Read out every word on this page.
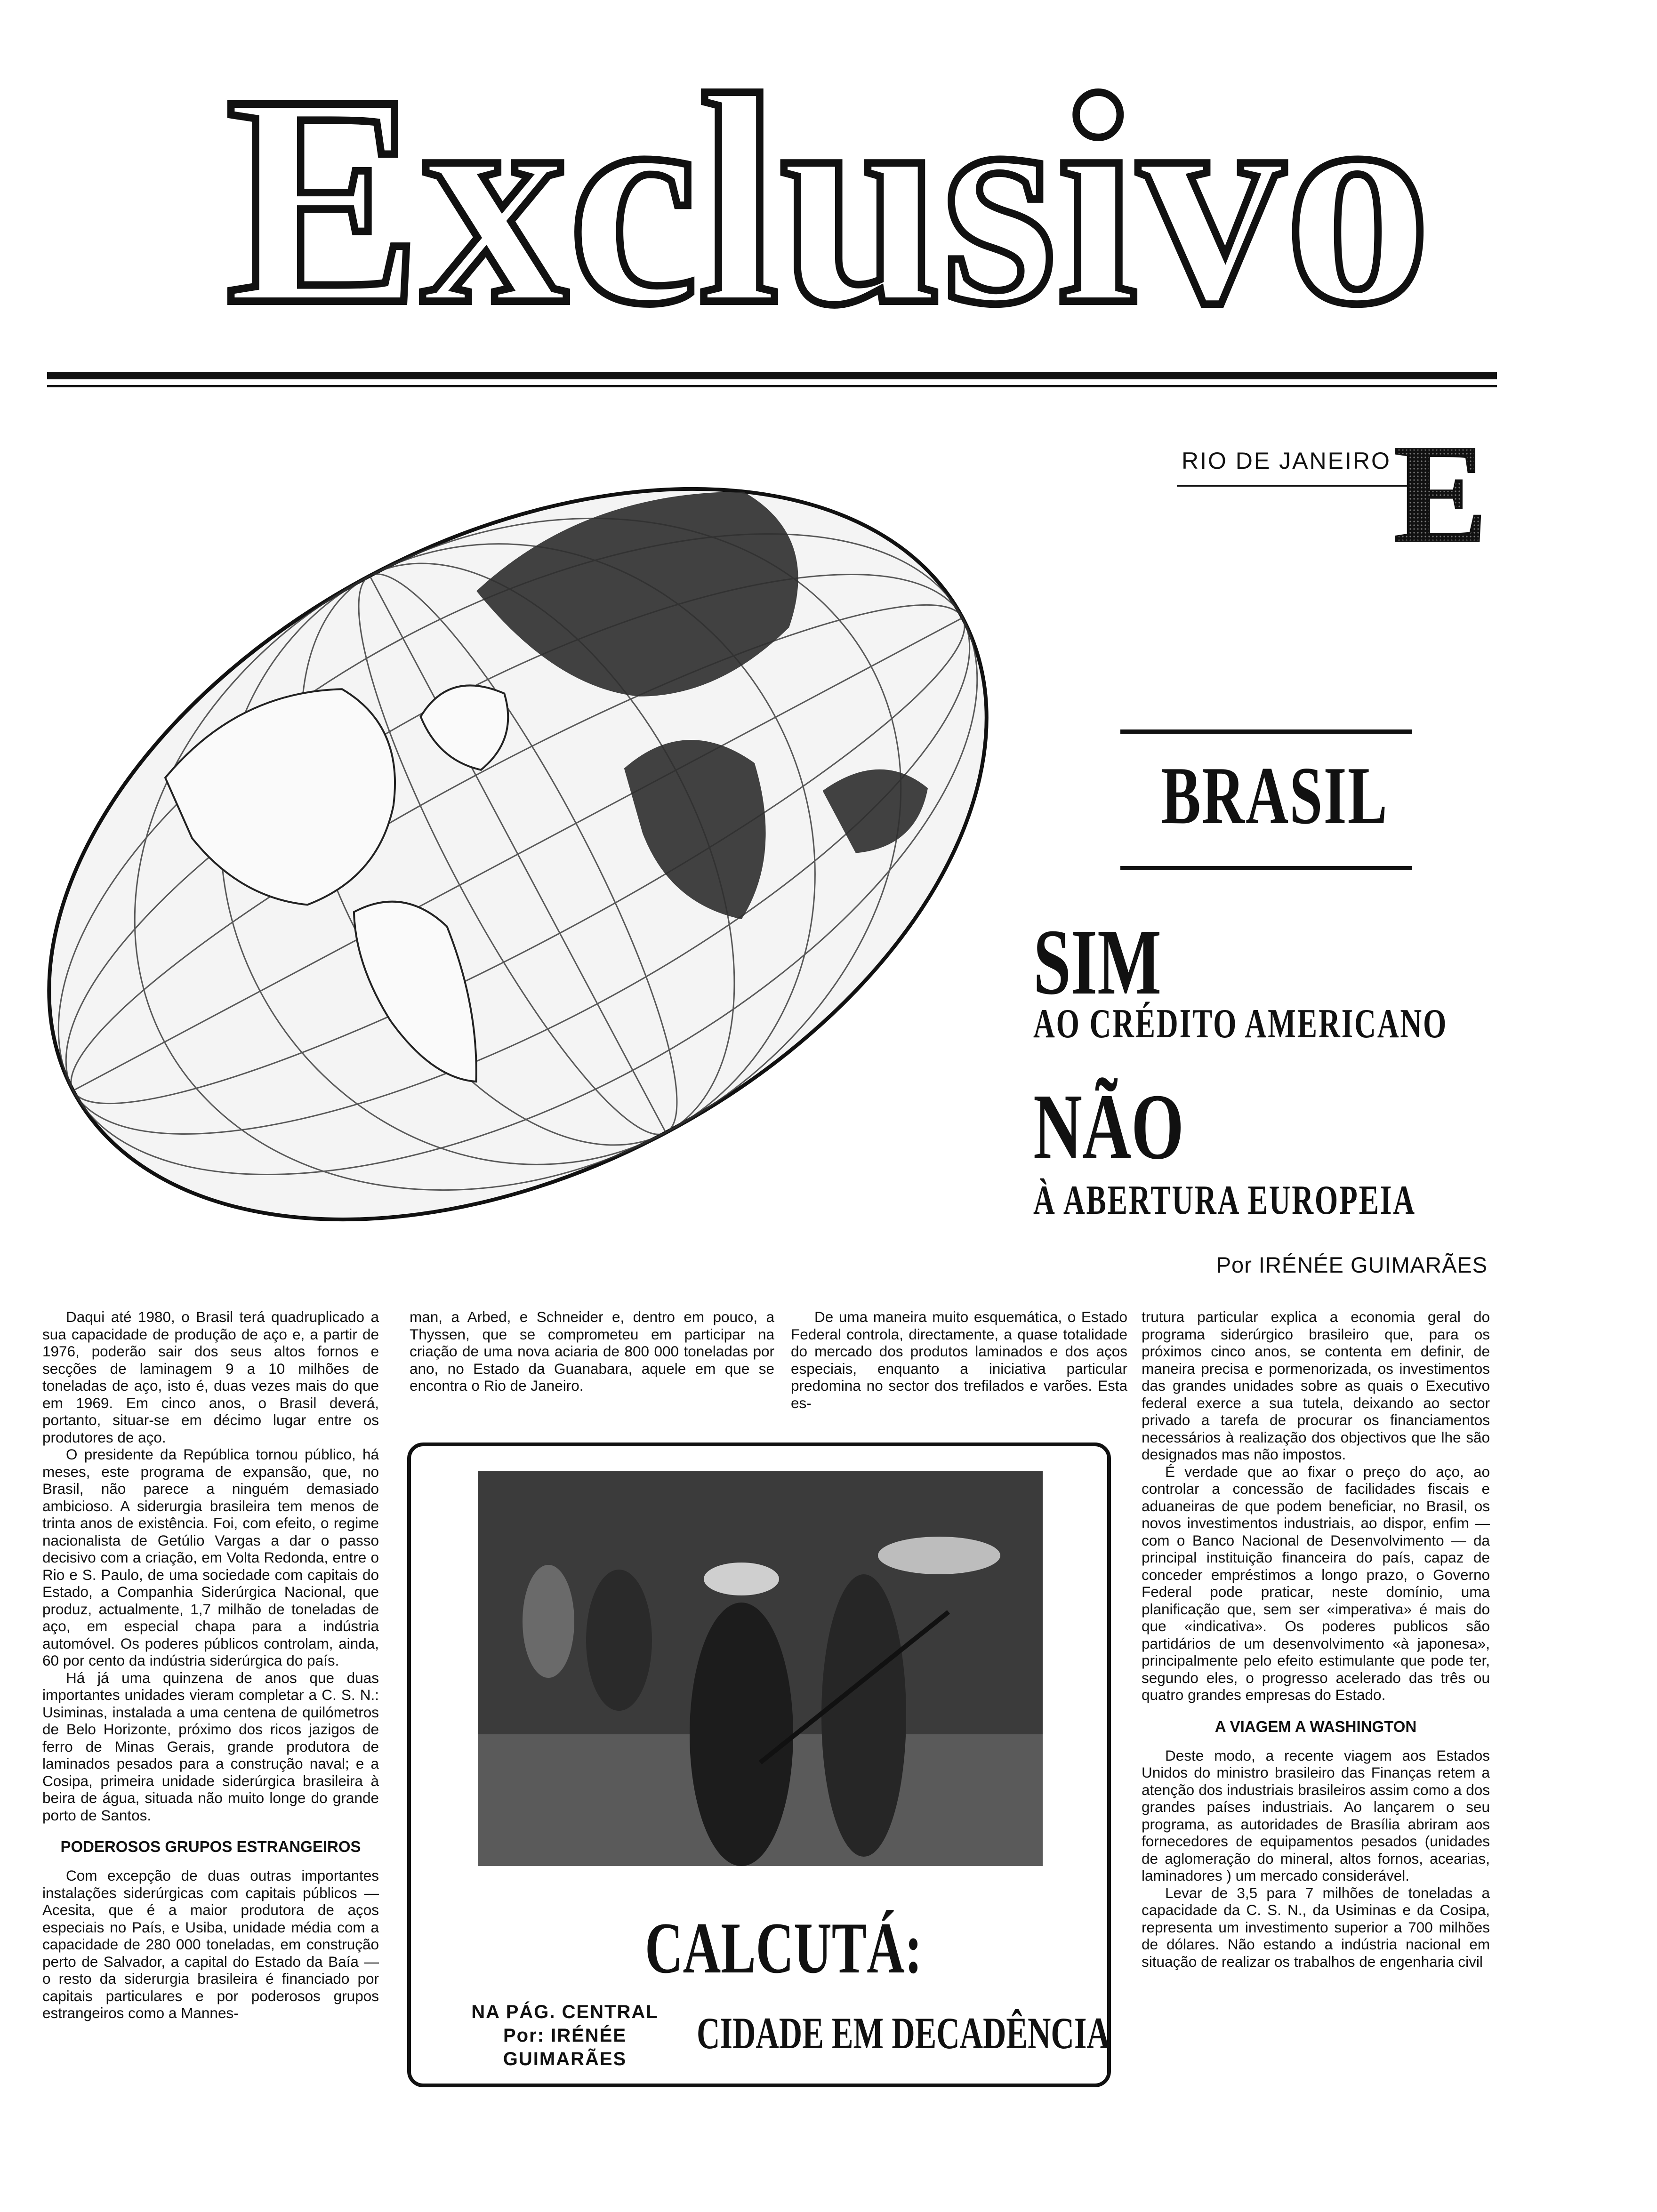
Exclusivo
RIO DE JANEIRO E
BRASIL
SIM
AO CRÉDITO AMERICANO
NÃO
À ABERTURA EUROPEIA
Por IRÉNÉE GUIMARÃES

Daqui até 1980, o Brasil terá quadruplicado a sua capacidade de produção de aço e, a partir de 1976, poderão sair dos seus altos fornos e secções de laminagem 9 a 10 milhões de toneladas de aço, isto é, duas vezes mais do que em 1969. Em cinco anos, o Brasil deverá, portanto, situar-se em décimo lugar entre os produtores de aço.

O presidente da República tornou público, há meses, este programa de expansão, que, no Brasil, não parece a ninguém demasiado ambicioso. A siderurgia brasileira tem menos de trinta anos de existência. Foi, com efeito, o regime nacionalista de Getúlio Vargas a dar o passo decisivo com a criação, em Volta Redonda, entre o Rio e S. Paulo, de uma sociedade com capitais do Estado, a Companhia Siderúrgica Nacional, que produz, actualmente, 1,7 milhão de toneladas de aço, em especial chapa para a indústria automóvel. Os poderes públicos controlam, ainda, 60 por cento da indústria siderúrgica do país.

Há já uma quinzena de anos que duas importantes unidades vieram completar a C. S. N.: Usiminas, instalada a uma centena de quilómetros de Belo Horizonte, próximo dos ricos jazigos de ferro de Minas Gerais, grande produtora de laminados pesados para a construção naval; e a Cosipa, primeira unidade siderúrgica brasileira à beira de água, situada não muito longe do grande porto de Santos.

PODEROSOS GRUPOS ESTRANGEIROS

Com excepção de duas outras importantes instalações siderúrgicas com capitais públicos — Acesita, que é a maior produtora de aços especiais no País, e Usiba, unidade média com a capacidade de 280 000 toneladas, em construção perto de Salvador, a capital do Estado da Baía — o resto da siderurgia brasileira é financiado por capitais particulares e por poderosos grupos estrangeiros como a Mannes-

man, a Arbed, e Schneider e, dentro em pouco, a Thyssen, que se comprometeu em participar na criação de uma nova aciaria de 800 000 toneladas por ano, no Estado da Guanabara, aquele em que se encontra o Rio de Janeiro.

De uma maneira muito esquemática, o Estado Federal controla, directamente, a quase totalidade do mercado dos produtos laminados e dos aços especiais, enquanto a iniciativa particular predomina no sector dos trefilados e varões. Esta es-

trutura particular explica a economia geral do programa siderúrgico brasileiro que, para os próximos cinco anos, se contenta em definir, de maneira precisa e pormenorizada, os investimentos das grandes unidades sobre as quais o Executivo federal exerce a sua tutela, deixando ao sector privado a tarefa de procurar os financiamentos necessários à realização dos objectivos que lhe são designados mas não impostos.

É verdade que ao fixar o preço do aço, ao controlar a concessão de facilidades fiscais e aduaneiras de que podem beneficiar, no Brasil, os novos investimentos industriais, ao dispor, enfim — com o Banco Nacional de Desenvolvimento — da principal instituição financeira do país, capaz de conceder empréstimos a longo prazo, o Governo Federal pode praticar, neste domínio, uma planificação que, sem ser «imperativa» é mais do que «indicativa». Os poderes publicos são partidários de um desenvolvimento «à japonesa», principalmente pelo efeito estimulante que pode ter, segundo eles, o progresso acelerado das três ou quatro grandes empresas do Estado.

A VIAGEM A WASHINGTON

Deste modo, a recente viagem aos Estados Unidos do ministro brasileiro das Finanças retem a atenção dos industriais brasileiros assim como a dos grandes países industriais. Ao lançarem o seu programa, as autoridades de Brasília abriram aos fornecedores de equipamentos pesados (unidades de aglomeração do mineral, altos fornos, acearias, laminadores ) um mercado considerável.

Levar de 3,5 para 7 milhões de toneladas a capacidade da C. S. N., da Usiminas e da Cosipa, representa um investimento superior a 700 milhões de dólares. Não estando a indústria nacional em situação de realizar os trabalhos de engenharia civil

CALCUTÁ:
CIDADE EM DECADÊNCIA
NA PÁG. CENTRAL
Por: IRÉNÉE
GUIMARÃES
